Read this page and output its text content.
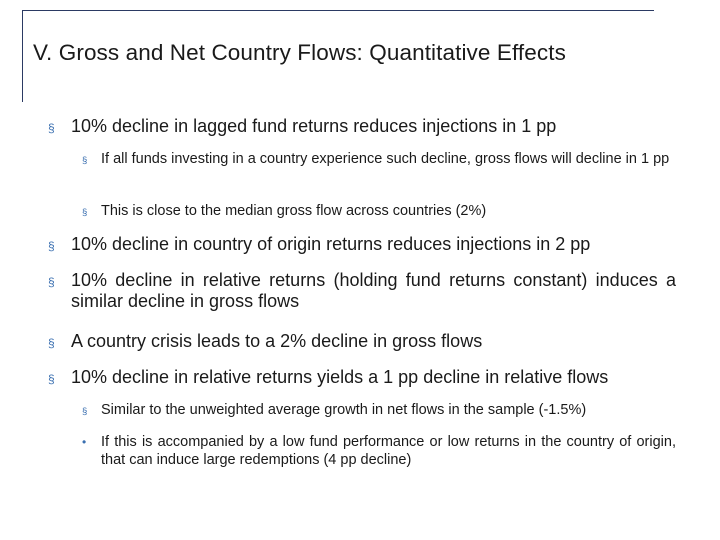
V. Gross and Net Country Flows: Quantitative Effects
§ 10% decline in lagged fund returns reduces injections in 1 pp
§ If all funds investing in a country experience such decline, gross flows will decline in 1 pp
§ This is close to the median gross flow across countries (2%)
§ 10% decline in country of origin returns reduces injections in 2 pp
§ 10% decline in relative returns (holding fund returns constant) induces a similar decline in gross flows
§ A country crisis leads to a 2% decline in gross flows
§ 10% decline in relative returns yields a 1 pp decline in relative flows
§ Similar to the unweighted average growth in net flows in the sample (-1.5%)
•	If this is accompanied by a low fund performance or low returns in the country of origin, that can induce large redemptions (4 pp decline)
